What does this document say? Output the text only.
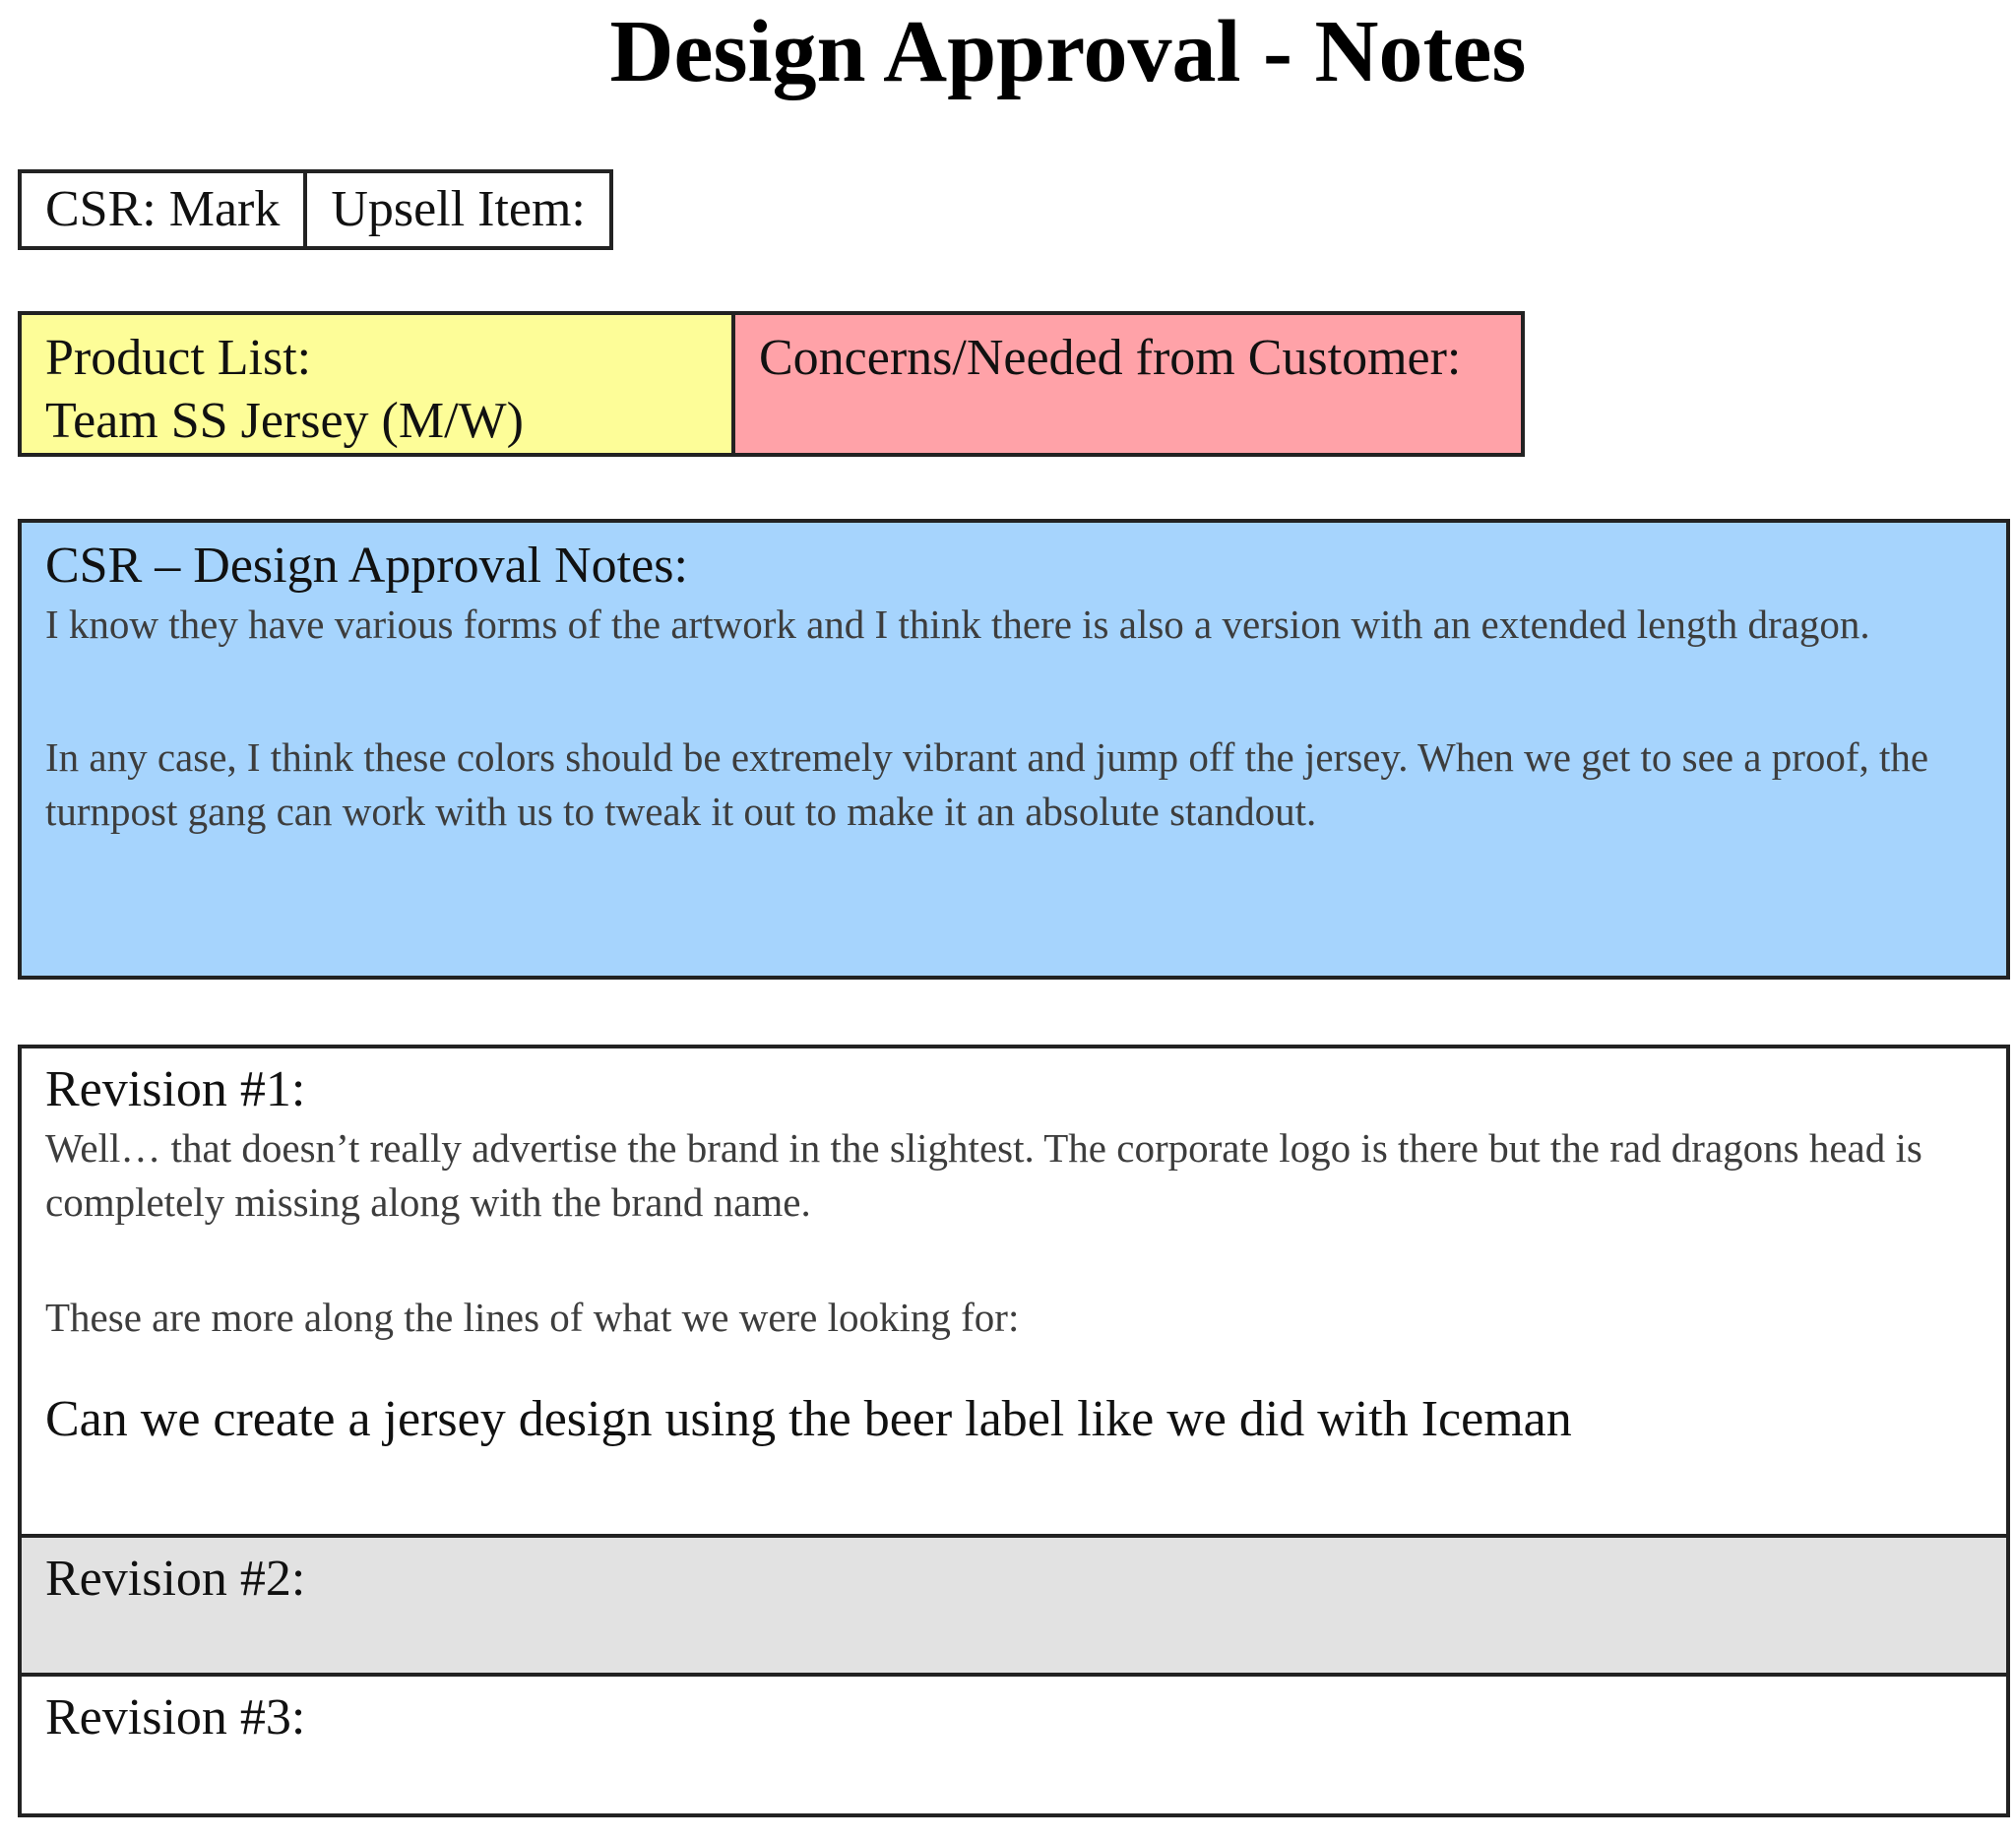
Design Approval - Notes
CSR: Mark	Upsell Item:
Product List:
Team SS Jersey (M/W)
Concerns/Needed from Customer:
CSR – Design Approval Notes:
I know they have various forms of the artwork and I think there is also a version with an extended length dragon.
In any case, I think these colors should be extremely vibrant and jump off the jersey. When we get to see a proof, the turnpost gang can work with us to tweak it out to make it an absolute standout.
Revision #1:
Well… that doesn’t really advertise the brand in the slightest. The corporate logo is there but the rad dragons head is completely missing along with the brand name.
These are more along the lines of what we were looking for:
Can we create a jersey design using the beer label like we did with Iceman
Revision #2:
Revision #3:
